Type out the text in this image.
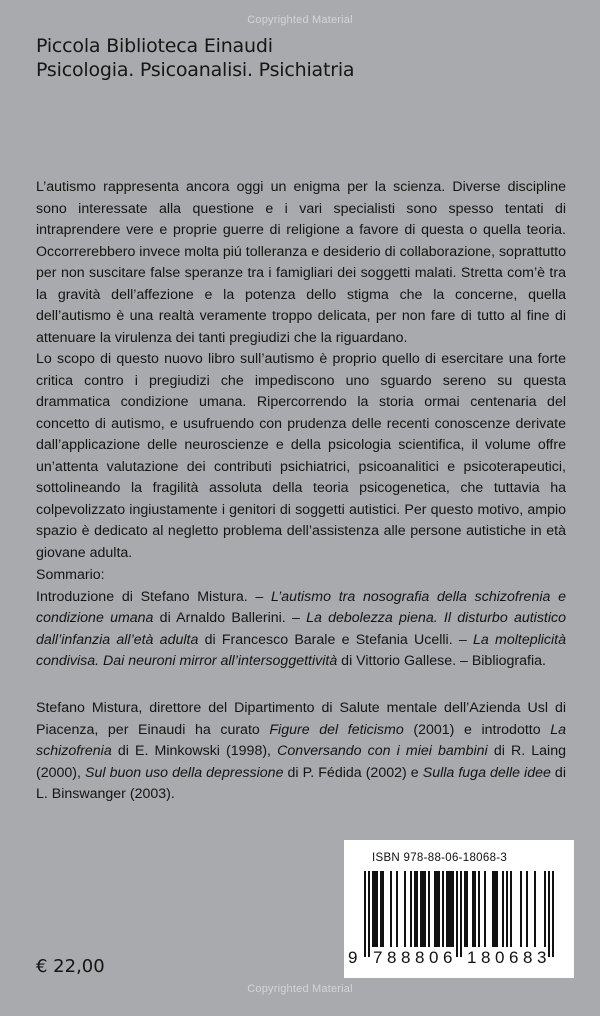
Copyrighted Material
Piccola Biblioteca Einaudi
Psicologia. Psicoanalisi. Psichiatria

L’autismo rappresenta ancora oggi un enigma per la scienza. Diverse discipline sono interessate alla questione e i vari specialisti sono spesso tentati di intraprendere vere e proprie guerre di religione a favore di questa o quella teoria. Occorrerebbero invece molta piú tolleranza e desiderio di collaborazione, soprattutto per non suscitare false speranze tra i famigliari dei soggetti malati. Stretta com’è tra la gravità dell’affezione e la potenza dello stigma che la concerne, quella dell’autismo è una realtà veramente troppo delicata, per non fare di tutto al fine di attenuare la virulenza dei tanti pregiudizi che la riguardano.

Lo scopo di questo nuovo libro sull’autismo è proprio quello di esercitare una forte critica contro i pregiudizi che impediscono uno sguardo sereno su questa drammatica condizione umana. Ripercorrendo la storia ormai centenaria del concetto di autismo, e usufruendo con prudenza delle recenti conoscenze derivate dall’applicazione delle neuroscienze e della psicologia scientifica, il volume offre un’attenta valutazione dei contributi psichiatrici, psicoanalitici e psicoterapeutici, sottolineando la fragilità assoluta della teoria psicogenetica, che tuttavia ha colpevolizzato ingiustamente i genitori di soggetti autistici. Per questo motivo, ampio spazio è dedicato al negletto problema dell’assistenza alle persone autistiche in età giovane adulta.

Sommario:

Introduzione di Stefano Mistura. – L’autismo tra nosografia della schizofrenia e condizione umana di Arnaldo Ballerini. – La debolezza piena. Il disturbo autistico dall’infanzia all’età adulta di Francesco Barale e Stefania Ucelli. – La molteplicità condivisa. Dai neuroni mirror all’intersoggettività di Vittorio Gallese. – Bibliografia.

Stefano Mistura, direttore del Dipartimento di Salute mentale dell’Azienda Usl di Piacenza, per Einaudi ha curato Figure del feticismo (2001) e introdotto La schizofrenia di E. Minkowski (1998), Conversando con i miei bambini di R. Laing (2000), Sul buon uso della depressione di P. Fédida (2002) e Sulla fuga delle idee di L. Binswanger (2003).
€ 22,00
ISBN 978-88-06-18068-3
9 7 8 8 8 0 6 1 8 0 6 8 3
Copyrighted Material
